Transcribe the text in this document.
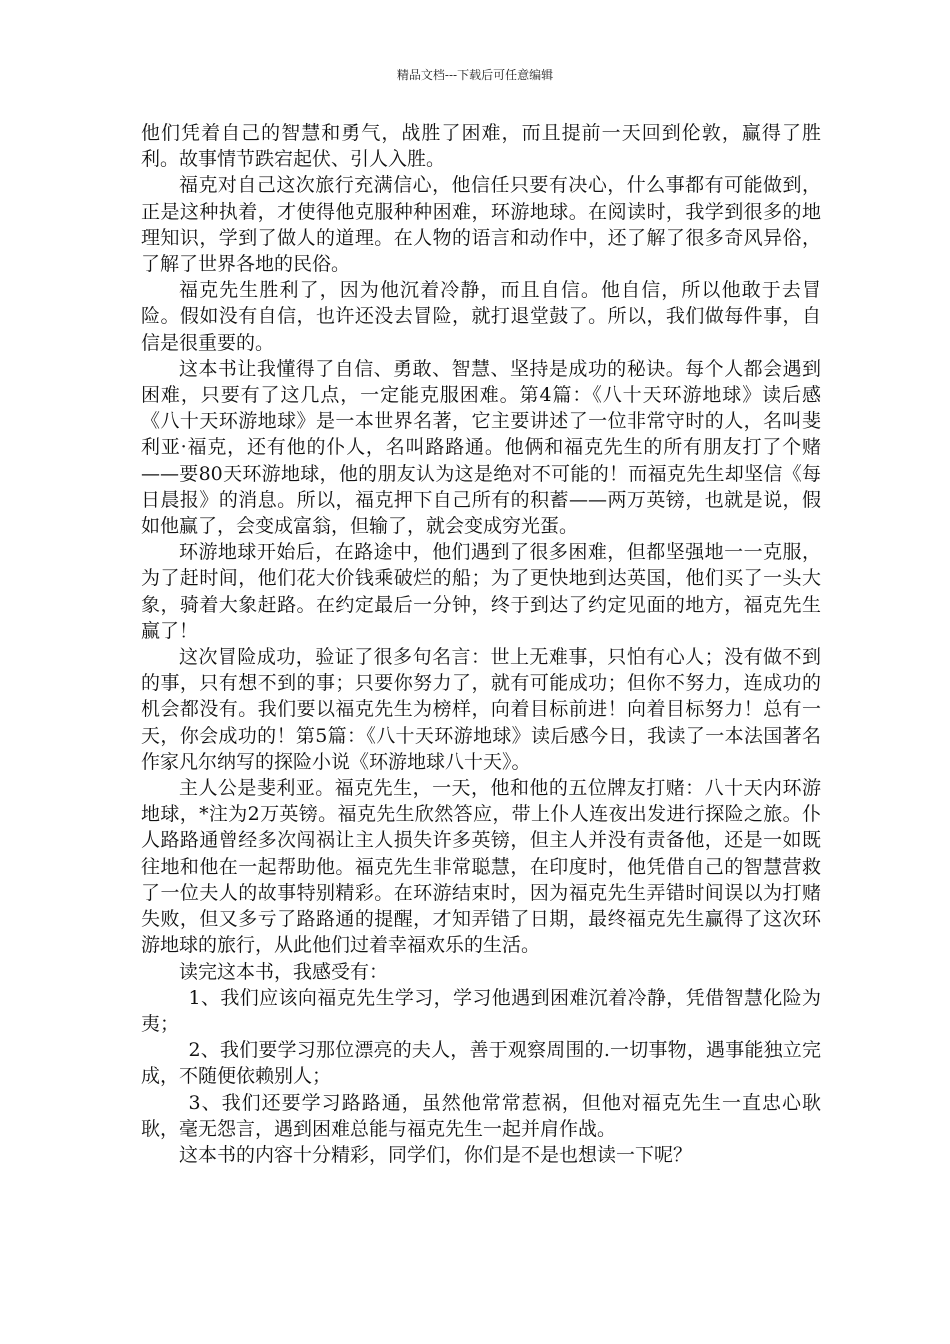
精品文档---下载后可任意编辑

他们凭着自己的智慧和勇气，战胜了困难，而且提前一天回到伦敦，赢得了胜利。故事情节跌宕起伏、引人入胜。

福克对自己这次旅行充满信心，他信任只要有决心，什么事都有可能做到，正是这种执着，才使得他克服种种困难，环游地球。在阅读时，我学到很多的地理知识，学到了做人的道理。在人物的语言和动作中，还了解了很多奇风异俗，了解了世界各地的民俗。

福克先生胜利了，因为他沉着冷静，而且自信。他自信，所以他敢于去冒险。假如没有自信，也许还没去冒险，就打退堂鼓了。所以，我们做每件事，自信是很重要的。

这本书让我懂得了自信、勇敢、智慧、坚持是成功的秘诀。每个人都会遇到困难，只要有了这几点，一定能克服困难。第4篇：《八十天环游地球》读后感《八十天环游地球》是一本世界名著，它主要讲述了一位非常守时的人，名叫斐利亚·福克，还有他的仆人，名叫路路通。他俩和福克先生的所有朋友打了个赌——要80天环游地球，他的朋友认为这是绝对不可能的！而福克先生却坚信《每日晨报》的消息。所以，福克押下自己所有的积蓄——两万英镑，也就是说，假如他赢了，会变成富翁，但输了，就会变成穷光蛋。

环游地球开始后，在路途中，他们遇到了很多困难，但都坚强地一一克服，为了赶时间，他们花大价钱乘破烂的船；为了更快地到达英国，他们买了一头大象，骑着大象赶路。在约定最后一分钟，终于到达了约定见面的地方，福克先生赢了！

这次冒险成功，验证了很多句名言：世上无难事，只怕有心人；没有做不到的事，只有想不到的事；只要你努力了，就有可能成功；但你不努力，连成功的机会都没有。我们要以福克先生为榜样，向着目标前进！向着目标努力！总有一天，你会成功的！第5篇：《八十天环游地球》读后感今日，我读了一本法国著名作家凡尔纳写的探险小说《环游地球八十天》。

主人公是斐利亚。福克先生，一天，他和他的五位牌友打赌：八十天内环游地球，*注为2万英镑。福克先生欣然答应，带上仆人连夜出发进行探险之旅。仆人路路通曾经多次闯祸让主人损失许多英镑，但主人并没有责备他，还是一如既往地和他在一起帮助他。福克先生非常聪慧，在印度时，他凭借自己的智慧营救了一位夫人的故事特别精彩。在环游结束时，因为福克先生弄错时间误以为打赌失败，但又多亏了路路通的提醒，才知弄错了日期，最终福克先生赢得了这次环游地球的旅行，从此他们过着幸福欢乐的生活。

读完这本书，我感受有：

1、我们应该向福克先生学习，学习他遇到困难沉着冷静，凭借智慧化险为夷；

2、我们要学习那位漂亮的夫人，善于观察周围的.一切事物，遇事能独立完成，不随便依赖别人；

3、我们还要学习路路通，虽然他常常惹祸，但他对福克先生一直忠心耿耿，毫无怨言，遇到困难总能与福克先生一起并肩作战。

这本书的内容十分精彩，同学们，你们是不是也想读一下呢？
